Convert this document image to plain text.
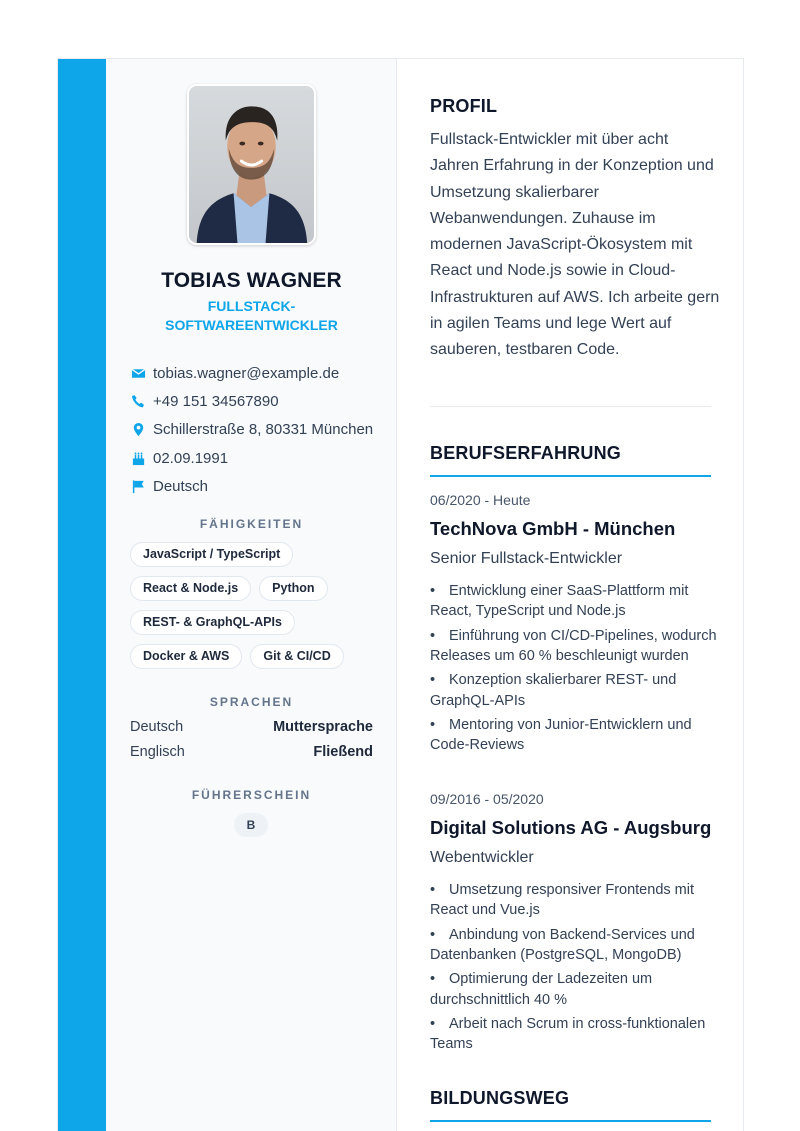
TOBIAS WAGNER
FULLSTACK-SOFTWAREENTWICKLER
tobias.wagner@example.de
+49 151 34567890
Schillerstraße 8, 80331 München
02.09.1991
Deutsch
FÄHIGKEITEN
JavaScript / TypeScript
React & Node.js	Python
REST- & GraphQL-APIs
Docker & AWS	Git & CI/CD
SPRACHEN
Deutsch	Muttersprache
Englisch	Fließend
FÜHRERSCHEIN
B
PROFIL
Fullstack-Entwickler mit über acht Jahren Erfahrung in der Konzeption und Umsetzung skalierbarer Webanwendungen. Zuhause im modernen JavaScript-Ökosystem mit React und Node.js sowie in Cloud-Infrastrukturen auf AWS. Ich arbeite gern in agilen Teams und lege Wert auf sauberen, testbaren Code.
BERUFSERFAHRUNG
06/2020 - Heute
TechNova GmbH - München
Senior Fullstack-Entwickler
• Entwicklung einer SaaS-Plattform mit React, TypeScript und Node.js
• Einführung von CI/CD-Pipelines, wodurch Releases um 60 % beschleunigt wurden
• Konzeption skalierbarer REST- und GraphQL-APIs
• Mentoring von Junior-Entwicklern und Code-Reviews
09/2016 - 05/2020
Digital Solutions AG - Augsburg
Webentwickler
• Umsetzung responsiver Frontends mit React und Vue.js
• Anbindung von Backend-Services und Datenbanken (PostgreSQL, MongoDB)
• Optimierung der Ladezeiten um durchschnittlich 40 %
• Arbeit nach Scrum in cross-funktionalen Teams
BILDUNGSWEG
